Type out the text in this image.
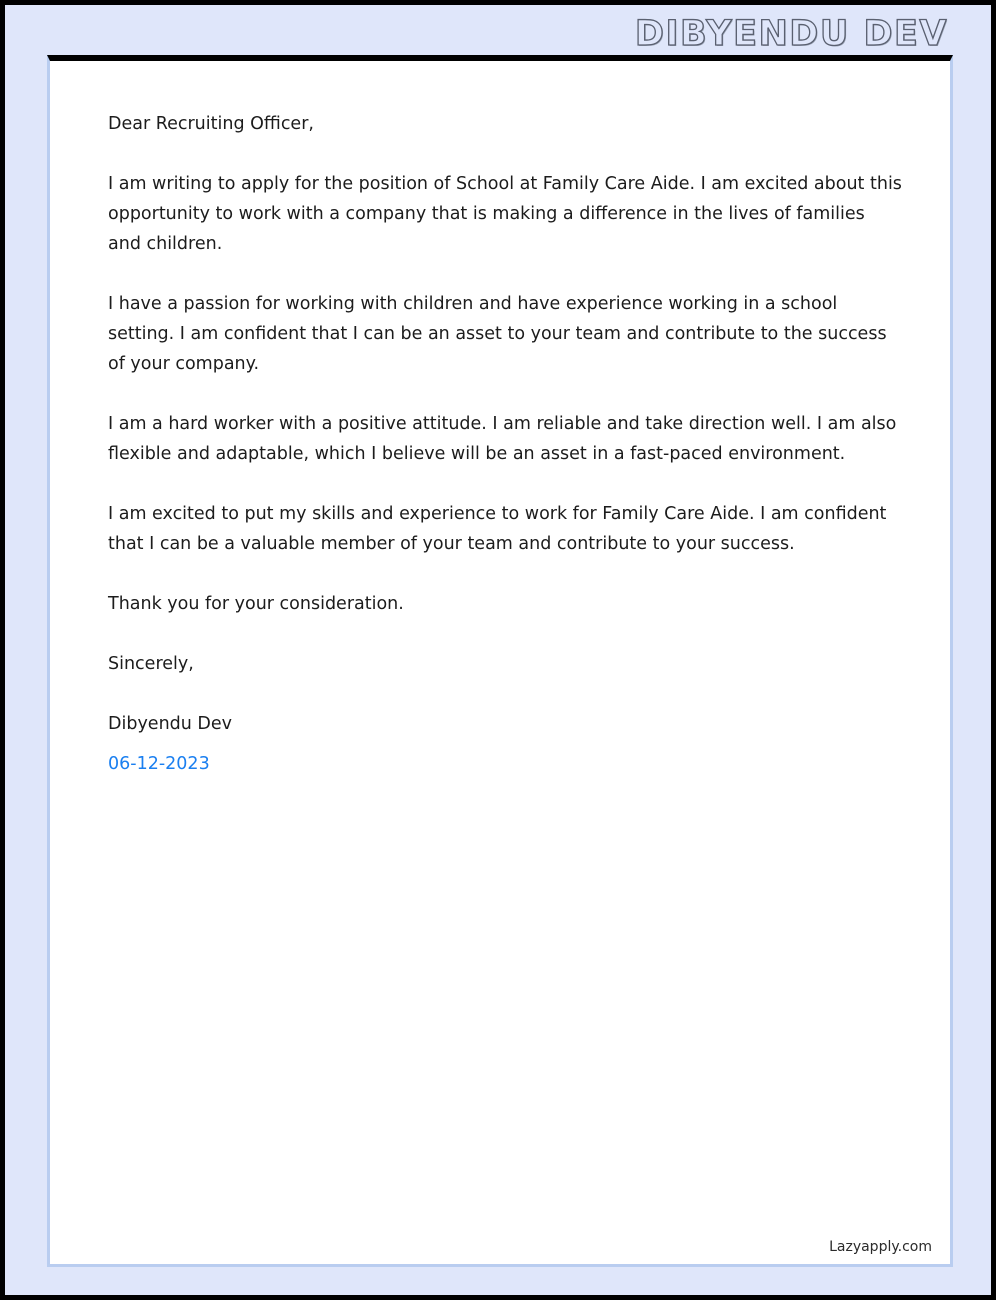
DIBYENDU DEV

Dear Recruiting Officer,

I am writing to apply for the position of School at Family Care Aide. I am excited about this opportunity to work with a company that is making a difference in the lives of families and children.

I have a passion for working with children and have experience working in a school setting. I am confident that I can be an asset to your team and contribute to the success of your company.

I am a hard worker with a positive attitude. I am reliable and take direction well. I am also flexible and adaptable, which I believe will be an asset in a fast-paced environment.

I am excited to put my skills and experience to work for Family Care Aide. I am confident that I can be a valuable member of your team and contribute to your success.

Thank you for your consideration.

Sincerely,

Dibyendu Dev

06-12-2023

Lazyapply.com
